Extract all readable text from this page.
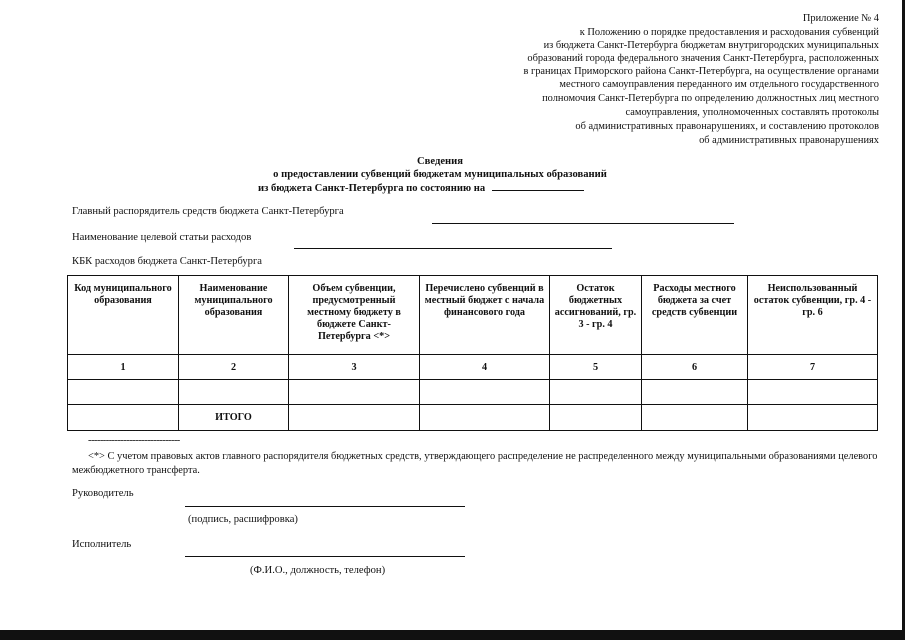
Приложение № 4
к Положению о порядке предоставления и расходования субвенций
из бюджета Санкт-Петербурга бюджетам внутригородских муниципальных
образований города федерального значения Санкт-Петербурга, расположенных
в границах Приморского района Санкт-Петербурга, на осуществление органами
местного самоуправления переданного им отдельного государственного
полномочия Санкт-Петербурга по определению должностных лиц местного
самоуправления, уполномоченных составлять протоколы
об административных правонарушениях, и составлению протоколов
об административных правонарушениях
Сведения
о предоставлении субвенций бюджетам муниципальных образований
из бюджета Санкт-Петербурга по состоянию на
Главный распорядитель средств бюджета Санкт-Петербурга
Наименование целевой статьи расходов
КБК расходов бюджета Санкт-Петербурга
Код муниципального образования	Наименование муниципального образования	Объем субвенции, предусмотренный местному бюджету в бюджете Санкт-Петербурга <*>	Перечислено субвенций в местный бюджет с начала финансового года	Остаток бюджетных ассигнований, гр. 3 - гр. 4	Расходы местного бюджета за счет средств субвенции	Неиспользованный остаток субвенции, гр. 4 - гр. 6
1	2	3	4	5	6	7

	ИТОГО					
-------------------------------
<*> С учетом правовых актов главного распорядителя бюджетных средств, утверждающего распределение не распределенного между муниципальными образованиями целевого межбюджетного трансферта.
Руководитель
(подпись, расшифровка)
Исполнитель
(Ф.И.О., должность, телефон)
